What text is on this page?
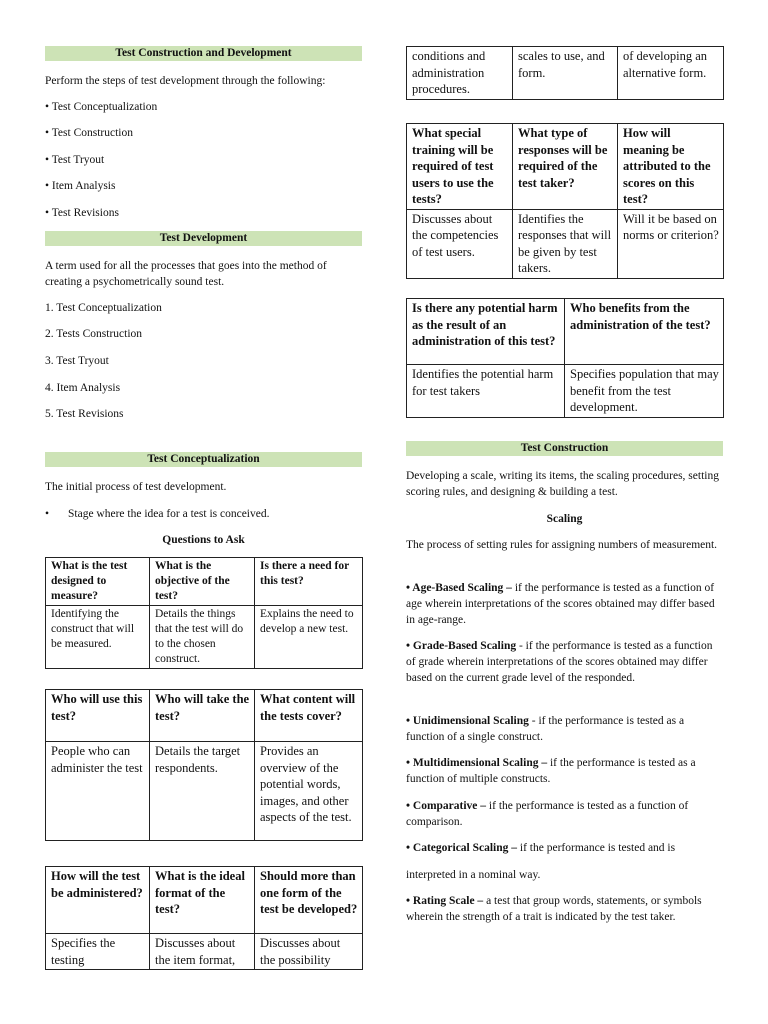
Test Construction and Development
Perform the steps of test development through the following:
• Test Conceptualization
• Test Construction
• Test Tryout
• Item Analysis
• Test Revisions
Test Development
A term used for all the processes that goes into the method of creating a psychometrically sound test.
1. Test Conceptualization
2. Tests Construction
3. Test Tryout
4. Item Analysis
5. Test Revisions
Test Conceptualization
The initial process of test development.
• Stage where the idea for a test is conceived.
Questions to Ask
What is the test designed to measure?	What is the objective of the test?	Is there a need for this test?
Identifying the construct that will be measured.	Details the things that the test will do to the chosen construct.	Explains the need to develop a new test.
Who will use this test?	Who will take the test?	What content will the tests cover?
People who can administer the test	Details the target respondents.	Provides an overview of the potential words, images, and other aspects of the test.
How will the test be administered?	What is the ideal format of the test?	Should more than one form of the test be developed?
Specifies the testing	Discusses about the item format,	Discusses about the possibility
conditions and administration procedures.	scales to use, and form.	of developing an alternative form.
What special training will be required of test users to use the tests?	What type of responses will be required of the test taker?	How will meaning be attributed to the scores on this test?
Discusses about the competencies of test users.	Identifies the responses that will be given by test takers.	Will it be based on norms or criterion?
Is there any potential harm as the result of an administration of this test?	Who benefits from the administration of the test?
Identifies the potential harm for test takers	Specifies population that may benefit from the test development.
Test Construction
Developing a scale, writing its items, the scaling procedures, setting scoring rules, and designing & building a test.
Scaling
The process of setting rules for assigning numbers of measurement.
• Age-Based Scaling – if the performance is tested as a function of age wherein interpretations of the scores obtained may differ based in age-range.
• Grade-Based Scaling - if the performance is tested as a function of grade wherein interpretations of the scores obtained may differ based on the current grade level of the responded.
• Unidimensional Scaling - if the performance is tested as a function of a single construct.
• Multidimensional Scaling – if the performance is tested as a function of multiple constructs.
• Comparative – if the performance is tested as a function of comparison.
• Categorical Scaling – if the performance is tested and is
interpreted in a nominal way.
• Rating Scale – a test that group words, statements, or symbols wherein the strength of a trait is indicated by the test taker.
